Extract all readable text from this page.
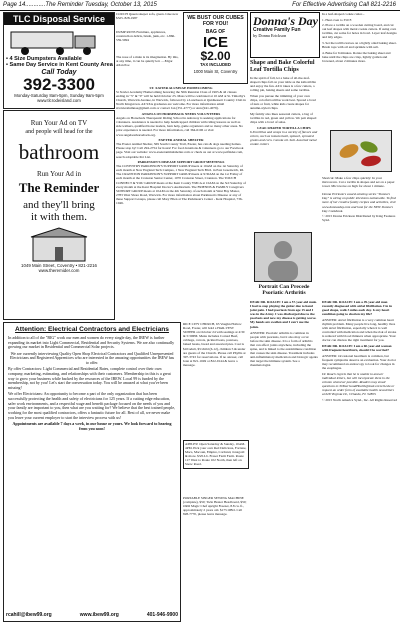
Page 14............The Reminder Tuesday, October 13, 2015	For Effective Advertising Call 821-2216
TLC Disposal Service
• 4 Size Dumpsters Available
• Same Day Service in Kent County Area
Call Today
392-3300
Monday-Saturday 8am-5pm, Sunday 9am-5pm
www.tlcrodeisland.com
Run Your Ad on TV
and people will head for the
bathroom
Run Your Ad in
The Reminder
and they'll bring
it with them.
1049 Main Street, Coventry • 821-2216
www.theremider.com
COUCH Queen sleeper sofa, green. Like new $325. 828-1987
DUMP RUNS Furniture, appliances, construction debris, brush, junk, etc. 1-866-559-5994
The nose of a mule is its imagination. By this, at any time, it can be quietly led. —Edgar Allan Poe
WE BUST OUR CUBES FOR YOU!
BAG OF
ICE
$2.00
TAX INCLUDED
1000 Main St, Coventry
ST. XAVIER ALUMNAE HOMECOMING

St Xavier Academy Homecoming honoring the 50th Reunion Class of 1965 & all classes ending in "5" & "0" will be held October 25. Mass will be celebrated at 10 AM at St. Timothy's Church, Warwick Avenue, in Warwick, followed by a Luncheon at Quidnessett Country Club in North Kingstown. All SXA graduates are welcome. For more information email stxavieralumnae@gmail.com or contact Jan (351-4777) or Ann (941-4079).

ANGELS ON HORSEBACK NEEDS VOLUNTEERS

Angels on Horseback Therapeutic Riding School in Ashaway is seeking applications for volunteers. Assistance is needed to help handicapped children with riding lessons as well as side walkers, qualified horse leaders, barn help, game organizers and so many other areas. No prior experience is needed. For more information, call 364-6106 or visit www.angelsonhorseback.org.

EXETER ANIMAL SHELTER

The Exeter Animal Shelter, 369 South County Trail, Exeter, has cats & dogs needing homes. Please stop by! Call 294-2754 for hours! For food donations & volunteers go to our Facebook page. Visit our website: www.exeteranimalshelter.com or check us out at www.petfinder.com, search adoptable Pet List.

PARKINSON'S DISEASE SUPPORT GROUP MEETINGS

The COVENTRY PARKINSON'S SUPPORT GROUP meets at 10AM on the 1st Saturday of each month at New England Tech Campus, 1 New England Tech Blvd. in East Greenwich, RI. The CRANSTON PARKINSON'S SUPPORT GROUP meets at 9:30AM on the 1st Friday of each month at the Cranston Senior Center, 1070 Cranston Street, Cranston. The TOUCH CONNECT & YOU GROUP meets at the Kent County YMCA at 10AM on the 3rd Saturday of every month at the Kent Hospital Doctor's Auditorium. The FRIENDS & FAMILY Caregivers SUPPORT GROUP meets at 10AM on the 4th Saturday of each month at West Bay Manor, 2783 West Shore Road, Warwick. For more information about Parkinson's Disease or any of these Support Groups, please call Mary Ellen at The Parkinson's Center - Kent Hospital, 736-1046.

Donna's Day
Creative Family Fun
by Donna Erickson
Shape and Bake Colorful Leaf Tortilla Chips

In the spirit of fall, let a bake of all-the-leaf-shaped chips fall on your table as the kids nibble and enjoy the fun. All it takes is a few cutters, a rolling pin, baking sheets and some tortillas.

When you pursue the trimming of your own chips, colorful tortillas work best. Spread a bowl of nuts or fruit, while kids create shapes for autumn-styled chips.

My family also likes seasonal cutters, a bag of tortillas in red, green and yellow. We pair shaped chips with a bowl of salsa.

LEAF-SHAPED TORTILLA CHIPS

6-8 tortillas and wraps in a variety of flavors and colors, such as tomato basil, spinach, sprouted grains and corn. Canola oil. Salt. Assorted metal cookie cutters

In a leaf-shaped cookie cutter...

1. Heat oven to 350 F.

2. Place a tortilla on a wooden cutting board, and cut out leaf shapes with metal cookie cutters. If using corn tortillas, cut some for holes in bowl. Layer leaf designs and tidy edges.

3. Set the tortilla leaves on a lightly oiled baking sheet. Brush tops with oil and sprinkle with salt.

4. Bake for 6 minutes. Rotate the baking sheet and bake until the chips are crisp, lightly golden and browned, about 2 minutes more.

Shortcut: Make a few chips quickly: In your microwave. Cut a tortilla in shapes and set on a paper towel. Microwave on high for about 1 minute.

Donna Erickson's award-winning series "Donna's Day" is airing on public television nationwide. To find more of her creative family recipes and activities, visit www.donnasday.com and look for the NEW Donna's Day Cookbook.

© 2015 Donna Erickson Distributed by King Features Synd.

Portrait Can Precede Psoriatic Arthritis
DEAR DR. ROACH: I am a 57-year-old male. I had to stop playing the guitar due to hand joint pain. I had psoriasis from age 15 and I was in the Army. I was discharged due to the psoriasis and now my disease is getting worse. My hands are swollen and I can't use the joints.

ANSWER: Psoriatic arthritis is common in people with psoriasis, but it also may occur before the skin disease. It is a form of arthritis that can affect joints anywhere, including the spine, and is linked to the autoimmune condition that causes the skin disease. Treatment includes anti-inflammatory medication and biologic agents that target the immune system. See a rheumatologist.

DEAR DR. ROACH: I am a 49-year-old man recently diagnosed with atrial fibrillation. I'm in good shape, walk 3 miles each day. Is my heart condition going to shorten my life?

ANSWER: Atrial fibrillation is a very common heart rhythm problem. Many people live long, healthy lives with atrial fibrillation, especially when it is well controlled with medication and when the risk of stroke is reduced with blood thinners when appropriate. Your doctor can discuss the right treatment for you.

DEAR DR. ROACH: I am a 60-year-old woman with frequent heartburn, should I be worried?

ANSWER: Occasional heartburn is common, but frequent symptoms deserve an evaluation. Your doctor may recommend an endoscopy to look for changes in the esophagus.

Dr. Roach regrets that he is unable to answer individual letters, but will incorporate them in the column whenever possible. Readers may email questions to ToYourGoodHealth@med.cornell.edu or request an order form of available health newsletters at 628 Virginia Dr., Orlando, FL 32803.

© 2015 North America Synd., Inc. All Rights Reserved

Attention: Electrical Contractors and Electricians

In addition to all of the "BIG" work our men and women do every single day, the IBEW is further expanding its market into Light Commercial, Residential and Security Systems. We are also continually growing our market in Residential and Commercial Solar projects.

We are currently interviewing Quality Open Shop Electrical Contractors and Qualified Unrepresented Electricians and Registered Apprentices who are interested in the amazing opportunities the IBEW has to offer.

By offer Contractors: Light Commercial and Residential Rates, complete control over their own company, marketing, estimating, and relationships with their customers. Membership in this is a great way to grow your business while backed by the resources of the IBEW. Local 99 is funded by the membership, not by you! Let's start the conversation today. You will be amazed at what you've been missing!

We offer Electricians: An opportunity to become a part of the only organization that has been successfully protecting the health and safety of electricians for 125 years. If a cutting edge education, safer work environments, and a respectful wage and benefit package focused on the needs of you and your family are important to you, then what are you waiting for? We believe that the best trained people, working for the most qualified contractors, offers a fantastic future for all. Best of all, we never make you leave your current employer to start the interview process with us!

Appointments are available 7 days a week, in our house or yours. We look forward to hearing from you soon!

rcahill@ibew99.org	www.ibew99.org	401-946-9900
RICE CITY CHURCH, 63 Vaughn Hollow Road, Foster, will hold a HAR-VEST SUPPER on October 24 with seatings at 4:30 & 5:30PM. Menu includes Corned Beef, cabbage, carrots, pickled beets, potatoes, baked beans, bread and assorted pies. Cost is $10/adult, $5/child (6-12), children 5 & under are guests of the Church. Please call Phyllis at 397-3743 for reservations. If no answer, call Jean at 821-1049 or 822-9144 & leave a message.
APPLES! Open Saturday & Sunday, 10AM-4PM. Pick your own Red Delicious, Fortune, Macs, Macoun, Empire, Cortland, Jonagold & more. $3/0.Lb. Fraser Farm Farm. Route 117 West to Route 102 North, then left on Snow Road.
PORTABLE SINGER SEWING MACHINE (complete), $50; Twin Heater Headboard, $50; ORO Magic Chef upright Freezer, 8.8 cu. ft., approximately 2 years old. $175 OBO. Call 828-7770, please leave message.
